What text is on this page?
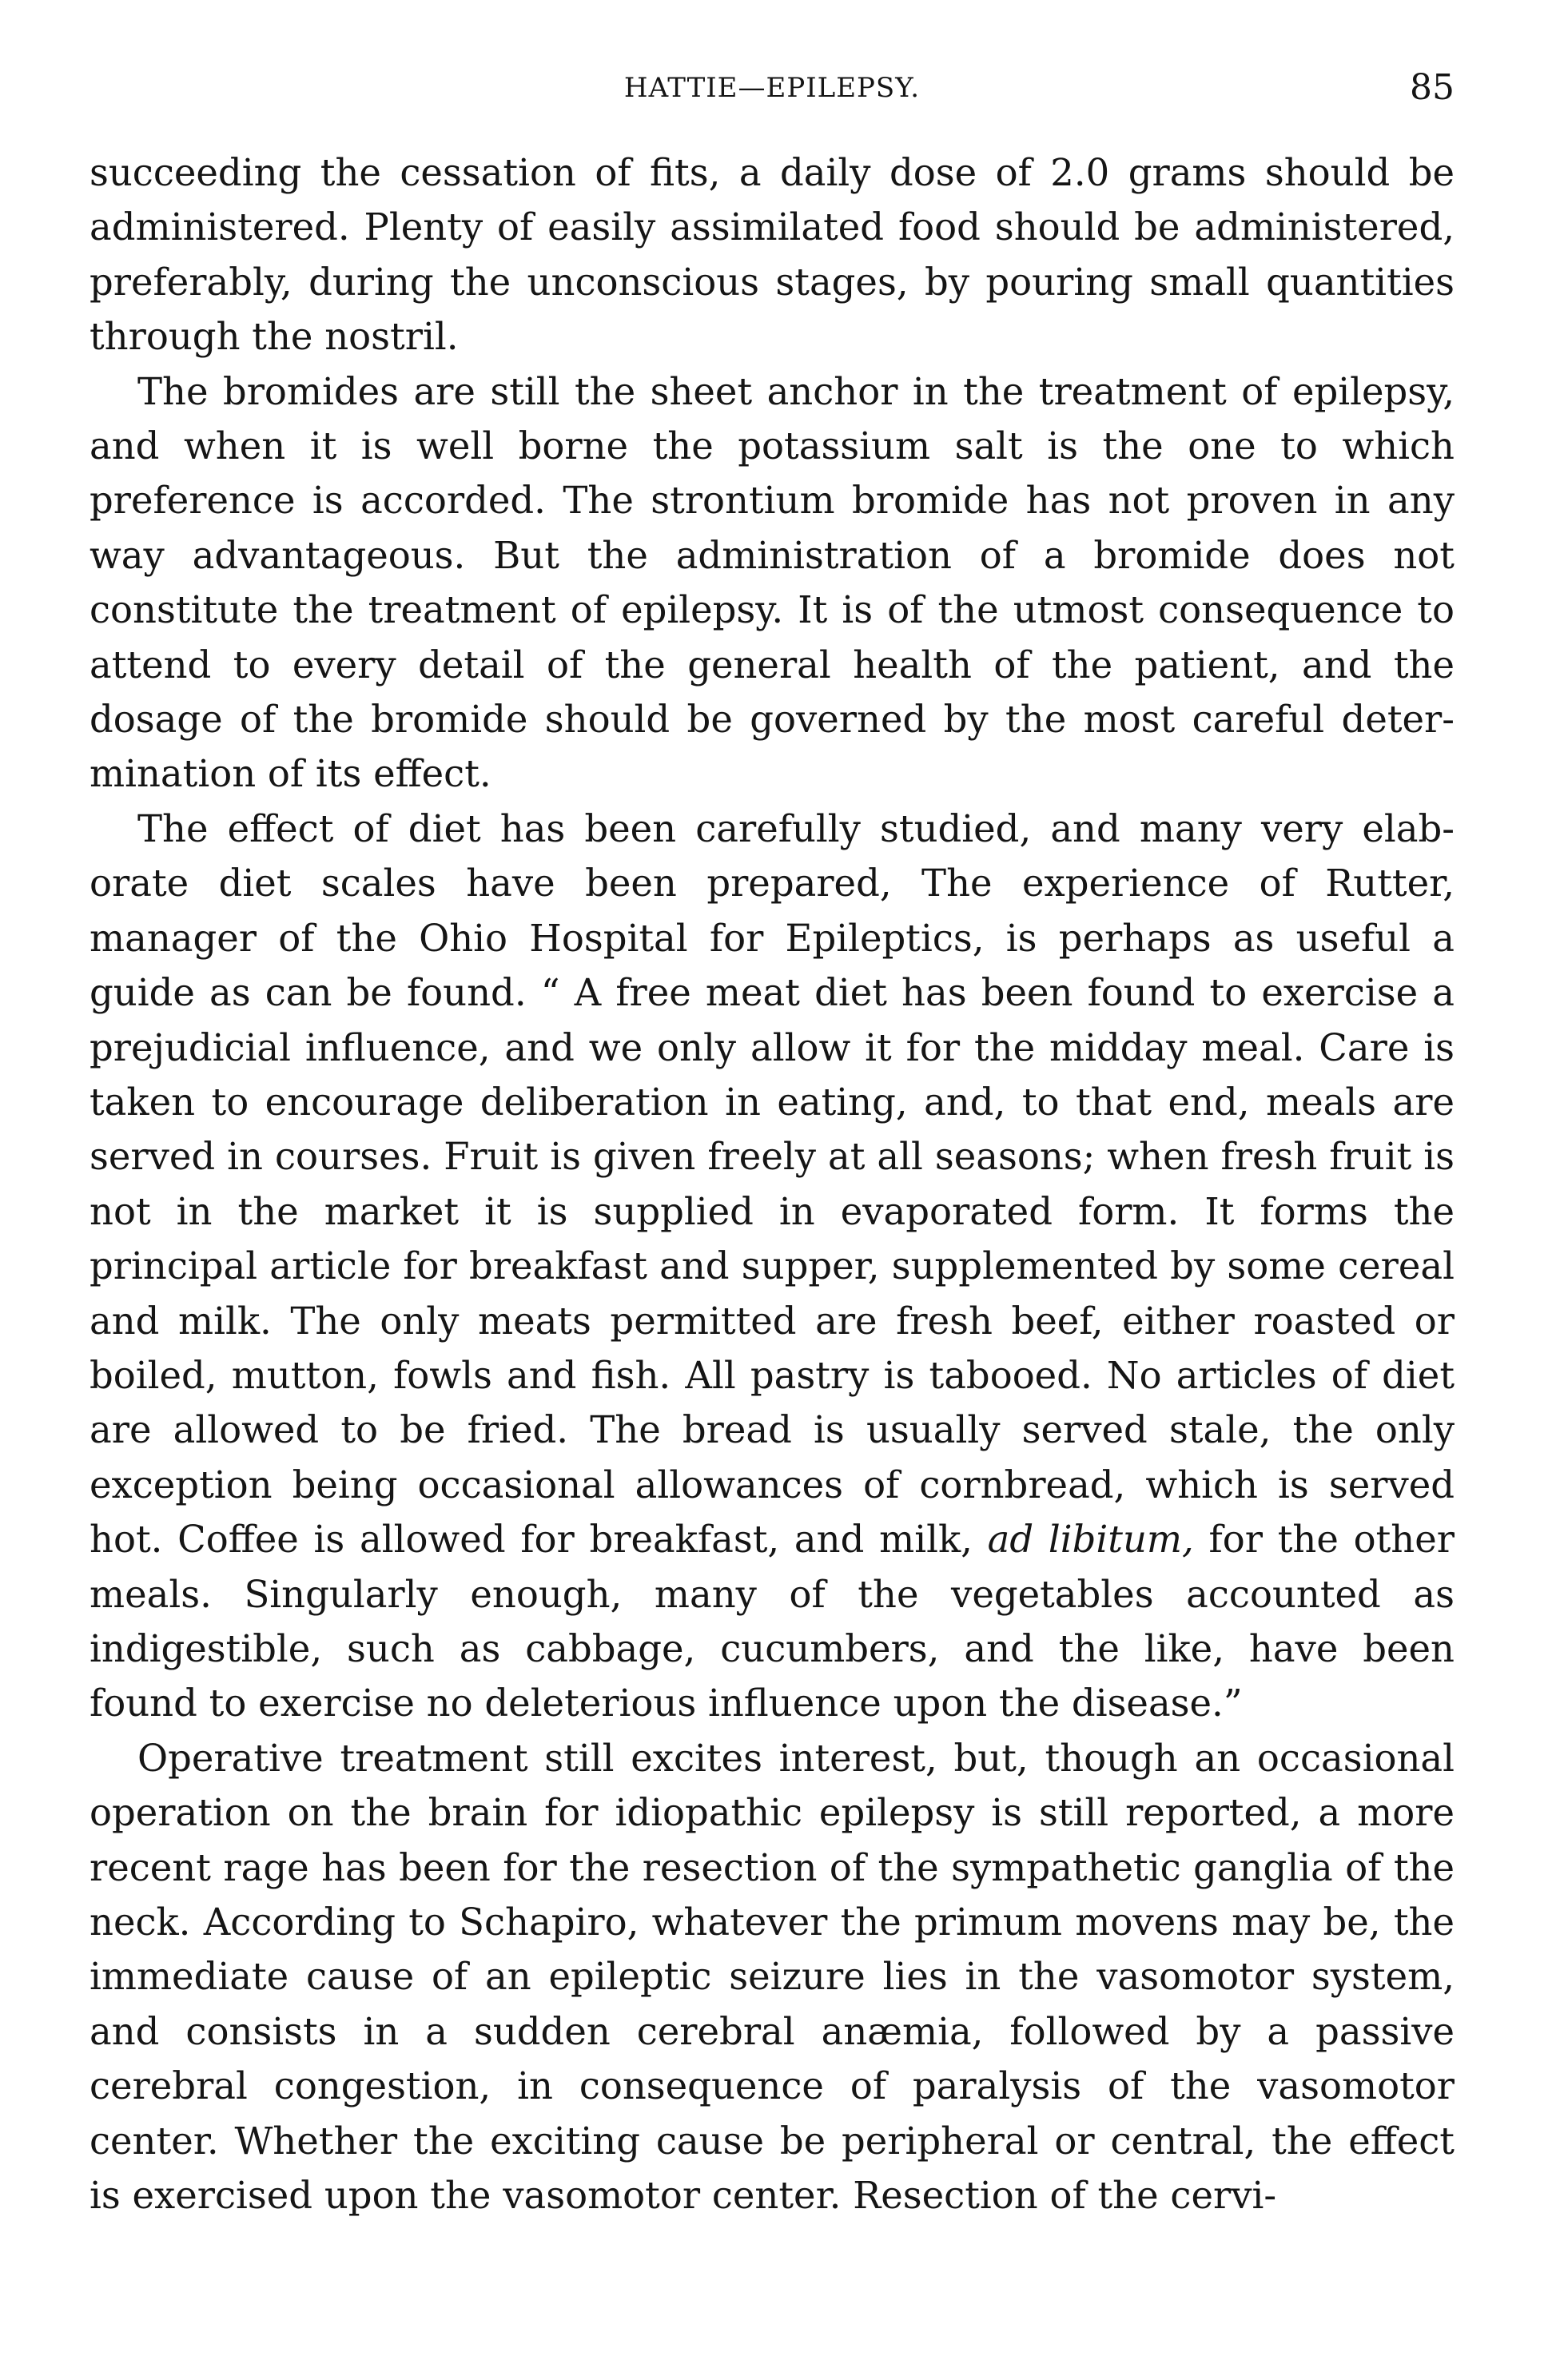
HATTIE—EPILEPSY.	85

succeeding the cessation of fits, a daily dose of 2.0 grams should be administered. Plenty of easily assimilated food should be administered, preferably, during the unconscious stages, by pouring small quantities through the nostril.

The bromides are still the sheet anchor in the treatment of epilepsy, and when it is well borne the potassium salt is the one to which preference is accorded. The strontium bromide has not proven in any way advantageous. But the administration of a bromide does not constitute the treatment of epilepsy. It is of the utmost consequence to attend to every detail of the general health of the patient, and the dosage of the bromide should be governed by the most careful determination of its effect.

The effect of diet has been carefully studied, and many very elaborate diet scales have been prepared, The experience of Rutter, manager of the Ohio Hospital for Epileptics, is perhaps as useful a guide as can be found. “ A free meat diet has been found to exercise a prejudicial influence, and we only allow it for the midday meal. Care is taken to encourage deliberation in eating, and, to that end, meals are served in courses. Fruit is given freely at all seasons; when fresh fruit is not in the market it is supplied in evaporated form. It forms the principal article for breakfast and supper, supplemented by some cereal and milk. The only meats permitted are fresh beef, either roasted or boiled, mutton, fowls and fish. All pastry is tabooed. No articles of diet are allowed to be fried. The bread is usually served stale, the only exception being occasional allowances of cornbread, which is served hot. Coffee is allowed for breakfast, and milk, ad libitum, for the other meals. Singularly enough, many of the vegetables accounted as indigestible, such as cabbage, cucumbers, and the like, have been found to exercise no deleterious influence upon the disease.”

Operative treatment still excites interest, but, though an occasional operation on the brain for idiopathic epilepsy is still reported, a more recent rage has been for the resection of the sympathetic ganglia of the neck. According to Schapiro, whatever the primum movens may be, the immediate cause of an epileptic seizure lies in the vasomotor system, and consists in a sudden cerebral anæmia, followed by a passive cerebral congestion, in consequence of paralysis of the vasomotor center. Whether the exciting cause be peripheral or central, the effect is exercised upon the vasomotor center. Resection of the cervi-
